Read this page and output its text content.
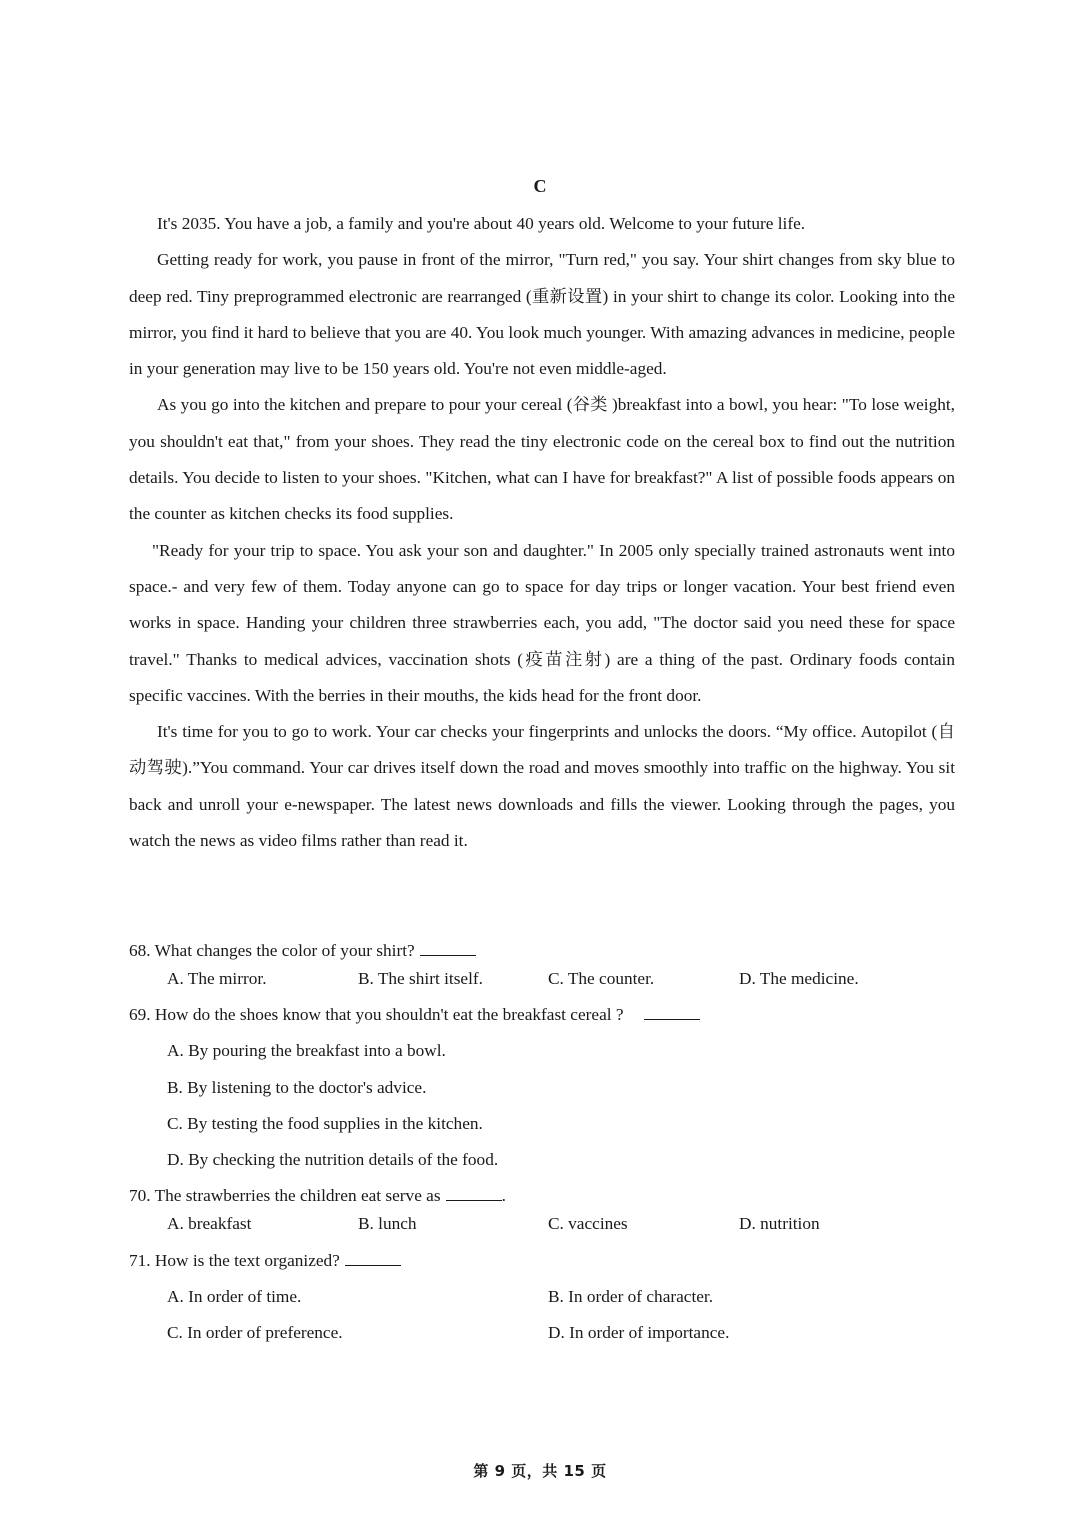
C

It's 2035. You have a job, a family and you're about 40 years old. Welcome to your future life.

Getting ready for work, you pause in front of the mirror, "Turn red," you say. Your shirt changes from sky blue to deep red. Tiny preprogrammed electronic are rearranged (重新设置) in your shirt to change its color. Looking into the mirror, you find it hard to believe that you are 40. You look much younger. With amazing advances in medicine, people in your generation may live to be 150 years old. You're not even middle-aged.

As you go into the kitchen and prepare to pour your cereal (谷类 )breakfast into a bowl, you hear: "To lose weight, you shouldn't eat that," from your shoes. They read the tiny electronic code on the cereal box to find out the nutrition details. You decide to listen to your shoes. "Kitchen, what can I have for breakfast?" A list of possible foods appears on the counter as kitchen checks its food supplies.

"Ready for your trip to space. You ask your son and daughter." In 2005 only specially trained astronauts went into space.- and very few of them. Today anyone can go to space for day trips or longer vacation. Your best friend even works in space. Handing your children three strawberries each, you add, "The doctor said you need these for space travel." Thanks to medical advices, vaccination shots (疫苗注射) are a thing of the past. Ordinary foods contain specific vaccines. With the berries in their mouths, the kids head for the front door.

It's time for you to go to work. Your car checks your fingerprints and unlocks the doors. “My office. Autopilot (自动驾驶).”You command. Your car drives itself down the road and moves smoothly into traffic on the highway. You sit back and unroll your e-newspaper. The latest news downloads and fills the viewer. Looking through the pages, you watch the news as video films rather than read it.

68. What changes the color of your shirt?
A. The mirror.	B. The shirt itself.	C. The counter.	D. The medicine.
69. How do the shoes know that you shouldn't eat the breakfast cereal ?
A. By pouring the breakfast into a bowl.
B. By listening to the doctor's advice.
C. By testing the food supplies in the kitchen.
D. By checking the nutrition details of the food.
70. The strawberries the children eat serve as	.
A. breakfast	B. lunch	C. vaccines	D. nutrition
71. How is the text organized?
A. In order of time.	B. In order of character.
C. In order of preference.	D. In order of importance.
第 9 页，共 15 页
